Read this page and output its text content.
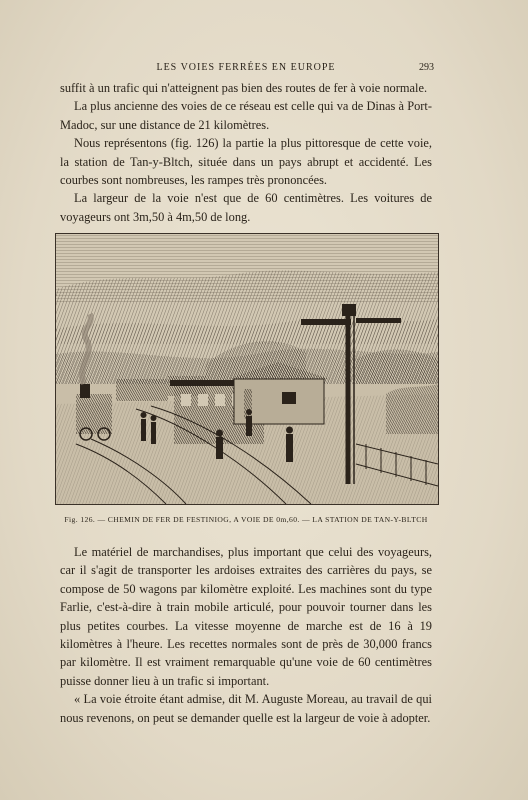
LES VOIES FERRÉES EN EUROPE	293

suffit à un trafic qui n'atteignent pas bien des routes de fer à voie normale.

La plus ancienne des voies de ce réseau est celle qui va de Dinas à Port-Madoc, sur une distance de 21 kilomètres.

Nous représentons (fig. 126) la partie la plus pittoresque de cette voie, la station de Tan-y-Bltch, située dans un pays abrupt et accidenté. Les courbes sont nombreuses, les rampes très prononcées.

La largeur de la voie n'est que de 60 centimètres. Les voitures de voyageurs ont 3m,50 à 4m,50 de long.

Fig. 126. — CHEMIN DE FER DE FESTINIOG, A VOIE DE 0m,60. — LA STATION DE TAN-Y-BLTCH

Le matériel de marchandises, plus important que celui des voyageurs, car il s'agit de transporter les ardoises extraites des carrières du pays, se compose de 50 wagons par kilomètre exploité. Les machines sont du type Farlie, c'est-à-dire à train mobile articulé, pour pouvoir tourner dans les plus petites courbes. La vitesse moyenne de marche est de 16 à 19 kilomètres à l'heure. Les recettes normales sont de près de 30,000 francs par kilomètre. Il est vraiment remarquable qu'une voie de 60 centimètres puisse donner lieu à un trafic si important.

« La voie étroite étant admise, dit M. Auguste Moreau, au travail de qui nous revenons, on peut se demander quelle est la largeur de voie à adopter.
